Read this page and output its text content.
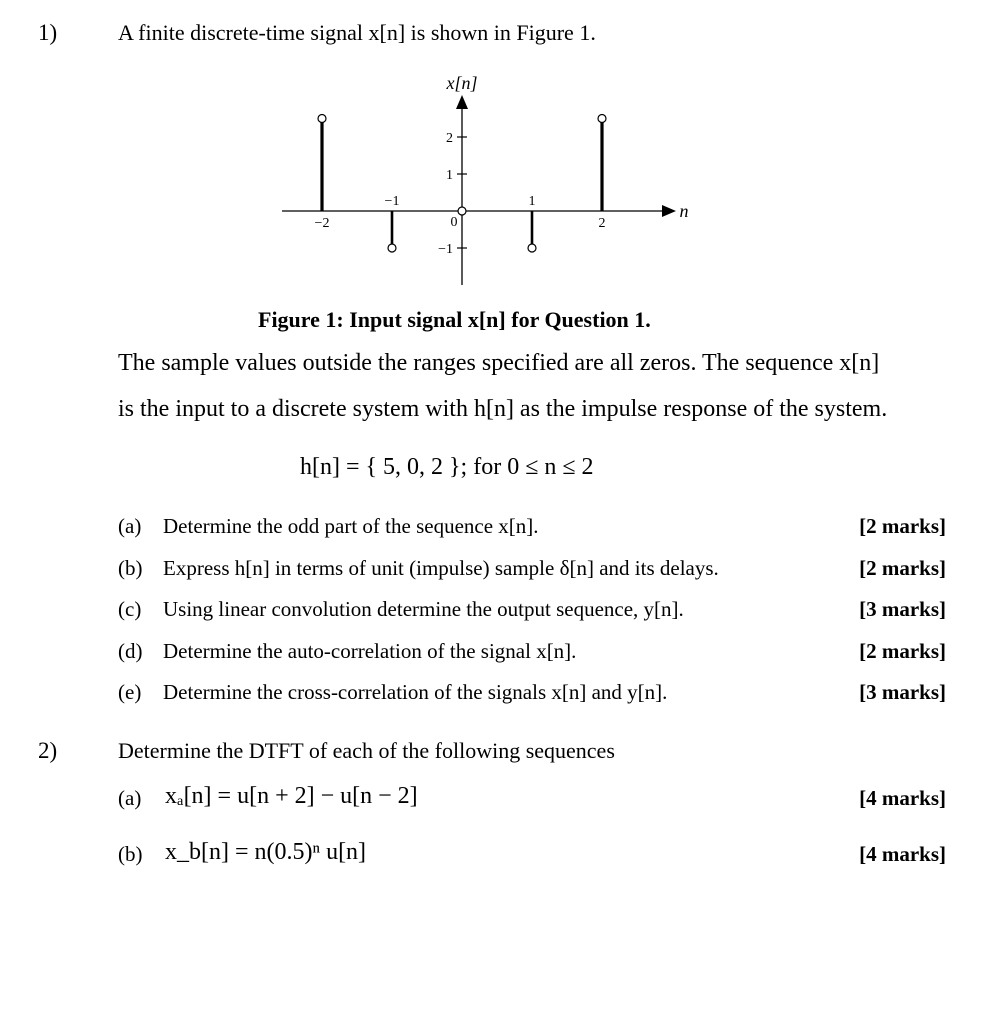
1)	A finite discrete-time signal x[n] is shown in Figure 1.
x[n]
n
2
1
−1
−2
−1
0
1
2
Figure 1: Input signal x[n] for Question 1.
The sample values outside the ranges specified are all zeros. The sequence x[n]
is the input to a discrete system with h[n] as the impulse response of the system.
h[n] = { 5, 0, 2 }; for 0 ≤ n ≤ 2
(a) Determine the odd part of the sequence x[n].	[2 marks]
(b) Express h[n] in terms of unit (impulse) sample δ[n] and its delays.	[2 marks]
(c) Using linear convolution determine the output sequence, y[n].	[3 marks]
(d) Determine the auto-correlation of the signal x[n].	[2 marks]
(e) Determine the cross-correlation of the signals x[n] and y[n].	[3 marks]
2)	Determine the DTFT of each of the following sequences
(a) xₐ[n] = u[n + 2] − u[n − 2]	[4 marks]
(b) x_b[n] = n(0.5)ⁿ u[n]	[4 marks]
